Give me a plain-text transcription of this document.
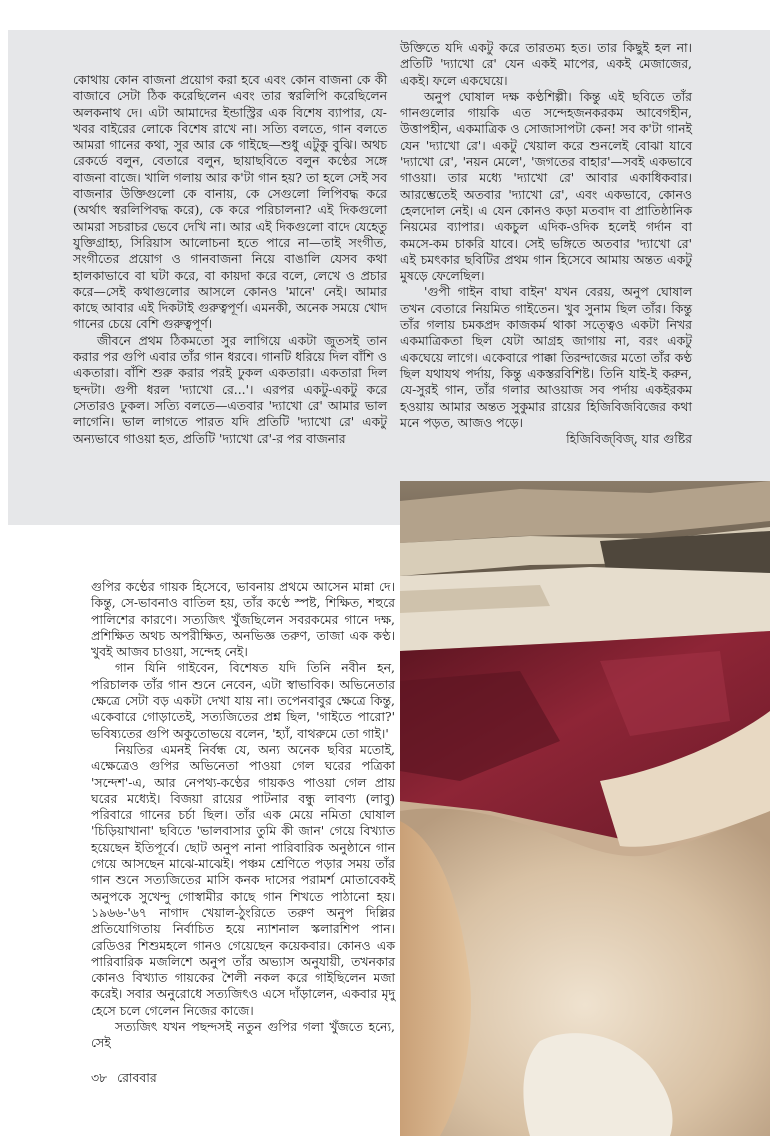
কোথায় কোন বাজনা প্রয়োগ করা হবে এবং কোন বাজনা কে কী বাজাবে সেটা ঠিক করেছিলেন এবং তার স্বরলিপি করেছিলেন অলকনাথ দে। এটা আমাদের ইন্ডাস্ট্রির এক বিশেষ ব্যাপার, যে-খবর বাইরের লোকে বিশেষ রাখে না। সত্যি বলতে, গান বলতে আমরা গানের কথা, সুর আর কে গাইছে—শুধু এটুকু বুঝি। অথচ রেকর্ডে বলুন, বেতারে বলুন, ছায়াছবিতে বলুন কণ্ঠের সঙ্গে বাজনা বাজে। খালি গলায় আর ক'টা গান হয়? তা হলে সেই সব বাজনার উক্তিগুলো কে বানায়, কে সেগুলো লিপিবদ্ধ করে (অর্থাৎ স্বরলিপিবদ্ধ করে), কে করে পরিচালনা? এই দিকগুলো আমরা সচরাচর ভেবে দেখি না। আর এই দিকগুলো বাদে যেহেতু যুক্তিগ্রাহ্য, সিরিয়াস আলোচনা হতে পারে না—তাই সংগীত, সংগীতের প্রয়োগ ও গানবাজনা নিয়ে বাঙালি যেসব কথা হালকাভাবে বা ঘটা করে, বা কায়দা করে বলে, লেখে ও প্রচার করে—সেই কথাগুলোর আসলে কোনও 'মানে' নেই। আমার কাছে আবার এই দিকটাই গুরুত্বপূর্ণ। এমনকী, অনেক সময়ে খোদ গানের চেয়ে বেশি গুরুত্বপূর্ণ।

জীবনে প্রথম ঠিকমতো সুর লাগিয়ে একটা জুতসই তান করার পর গুপি এবার তাঁর গান ধরবে। গানটি ধরিয়ে দিল বাঁশি ও একতারা। বাঁশি শুরু করার পরই ঢুকল একতারা। একতারা দিল ছন্দটা। গুপী ধরল 'দ্যাখো রে...'। এরপর একটু-একটু করে সেতারও ঢুকল। সত্যি বলতে—এতবার 'দ্যাখো রে' আমার ভাল লাগেনি। ভাল লাগতে পারত যদি প্রতিটি 'দ্যাখো রে' একটু অন্যভাবে গাওয়া হত, প্রতিটি 'দ্যাখো রে'-র পর বাজনার

উক্তিতে যদি একটু করে তারতম্য হত। তার কিছুই হল না। প্রতিটি 'দ্যাখো রে' যেন একই মাপের, একই মেজাজের, একই। ফলে একঘেয়ে।

অনুপ ঘোষাল দক্ষ কণ্ঠশিল্পী। কিন্তু এই ছবিতে তাঁর গানগুলোর গায়কি এত সন্দেহজনকরকম আবেগহীন, উত্তাপহীন, একমাত্রিক ও সোজাসাপটা কেন! সব ক'টা গানই যেন 'দ্যাখো রে'। একটু খেয়াল করে শুনলেই বোঝা যাবে 'দ্যাখো রে', 'নয়ন মেলে', 'জগতের বাহার'—সবই একভাবে গাওয়া। তার মধ্যে 'দ্যাখো রে' আবার একাধিকবার। আরম্ভেতেই অতবার 'দ্যাখো রে', এবং একভাবে, কোনও হেলদোল নেই। এ যেন কোনও কড়া মতবাদ বা প্রাতিষ্ঠানিক নিয়মের ব্যাপার। একচুল এদিক-ওদিক হলেই গর্দান বা কমসে-কম চাকরি যাবে। সেই ভঙ্গিতে অতবার 'দ্যাখো রে' এই চমৎকার ছবিটির প্রথম গান হিসেবে আমায় অন্তত একটু মুষড়ে ফেলেছিল।

'গুপী গাইন বাঘা বাইন' যখন বেরয়, অনুপ ঘোষাল তখন বেতারে নিয়মিত গাইতেন। খুব সুনাম ছিল তাঁর। কিন্তু তাঁর গলায় চমকপ্রদ কাজকর্ম থাকা সত্ত্বেও একটা নিখর একমাত্রিকতা ছিল যেটা আগ্রহ জাগায় না, বরং একটু একঘেয়ে লাগে। একেবারে পাক্কা তিরন্দাজের মতো তাঁর কণ্ঠ ছিল যথাযথ পর্দায়, কিন্তু একস্তরবিশিষ্ট। তিনি যাই-ই করুন, যে-সুরই গান, তাঁর গলার আওয়াজ সব পর্দায় একইরকম হওয়ায় আমার অন্তত সুকুমার রায়ের হিজিবিজবিজের কথা মনে পড়ত, আজও পড়ে।

হিজিবিজ্‌বিজ্‌, যার গুষ্টির

গুপির কণ্ঠের গায়ক হিসেবে, ভাবনায় প্রথমে আসেন মান্না দে। কিন্তু, সে-ভাবনাও বাতিল হয়, তাঁর কণ্ঠে স্পষ্ট, শিক্ষিত, শহুরে পালিশের কারণে। সত্যজিৎ খুঁজছিলেন সবরকমের গানে দক্ষ, প্রশিক্ষিত অথচ অপরীক্ষিত, অনভিজ্ঞ তরুণ, তাজা এক কণ্ঠ। খুবই আজব চাওয়া, সন্দেহ নেই।

গান যিনি গাইবেন, বিশেষত যদি তিনি নবীন হন, পরিচালক তাঁর গান শুনে নেবেন, এটা স্বাভাবিক। অভিনেতার ক্ষেত্রে সেটা বড় একটা দেখা যায় না। তপেনবাবুর ক্ষেত্রে কিন্তু, একেবারে গোড়াতেই, সত্যজিতের প্রশ্ন ছিল, 'গাইতে পারো?' ভবিষ্যতের গুপি অকুতোভয়ে বলেন, 'হ্যাঁ, বাথরুমে তো গাই।'

নিয়তির এমনই নির্বন্ধ যে, অন্য অনেক ছবির মতোই, এক্ষেত্রেও গুপির অভিনেতা পাওয়া গেল ঘরের পত্রিকা 'সন্দেশ'-এ, আর নেপথ্য-কণ্ঠের গায়কও পাওয়া গেল প্রায় ঘরের মধ্যেই। বিজয়া রায়ের পাটনার বন্ধু লাবণ্য (লাবু) পরিবারে গানের চর্চা ছিল। তাঁর এক মেয়ে নমিতা ঘোষাল 'চিড়িয়াখানা' ছবিতে 'ভালবাসার তুমি কী জান' গেয়ে বিখ্যাত হয়েছেন ইতিপূর্বে। ছোট অনুপ নানা পারিবারিক অনুষ্ঠানে গান গেয়ে আসছেন মাঝে-মাঝেই। পঞ্চম শ্রেণিতে পড়ার সময় তাঁর গান শুনে সত্যজিতের মাসি কনক দাসের পরামর্শ মোতাবেকই অনুপকে সুখেন্দু গোস্বামীর কাছে গান শিখতে পাঠানো হয়। ১৯৬৬-'৬৭ নাগাদ খেয়াল-ঠুংরিতে তরুণ অনুপ দিল্লির প্রতিযোগিতায় নির্বাচিত হয়ে ন্যাশনাল স্কলারশিপ পান। রেডিওর শিশুমহলে গানও গেয়েছেন কয়েকবার। কোনও এক পারিবারিক মজলিশে অনুপ তাঁর অভ্যাস অনুযায়ী, তখনকার কোনও বিখ্যাত গায়কের শৈলী নকল করে গাইছিলেন মজা করেই। সবার অনুরোধে সত্যজিৎও এসে দাঁড়ালেন, একবার মৃদু হেসে চলে গেলেন নিজের কাজে।

সত্যজিৎ যখন পছন্দসই নতুন গুপির গলা খুঁজতে হন্যে, সেই

৩৮ রোববার
